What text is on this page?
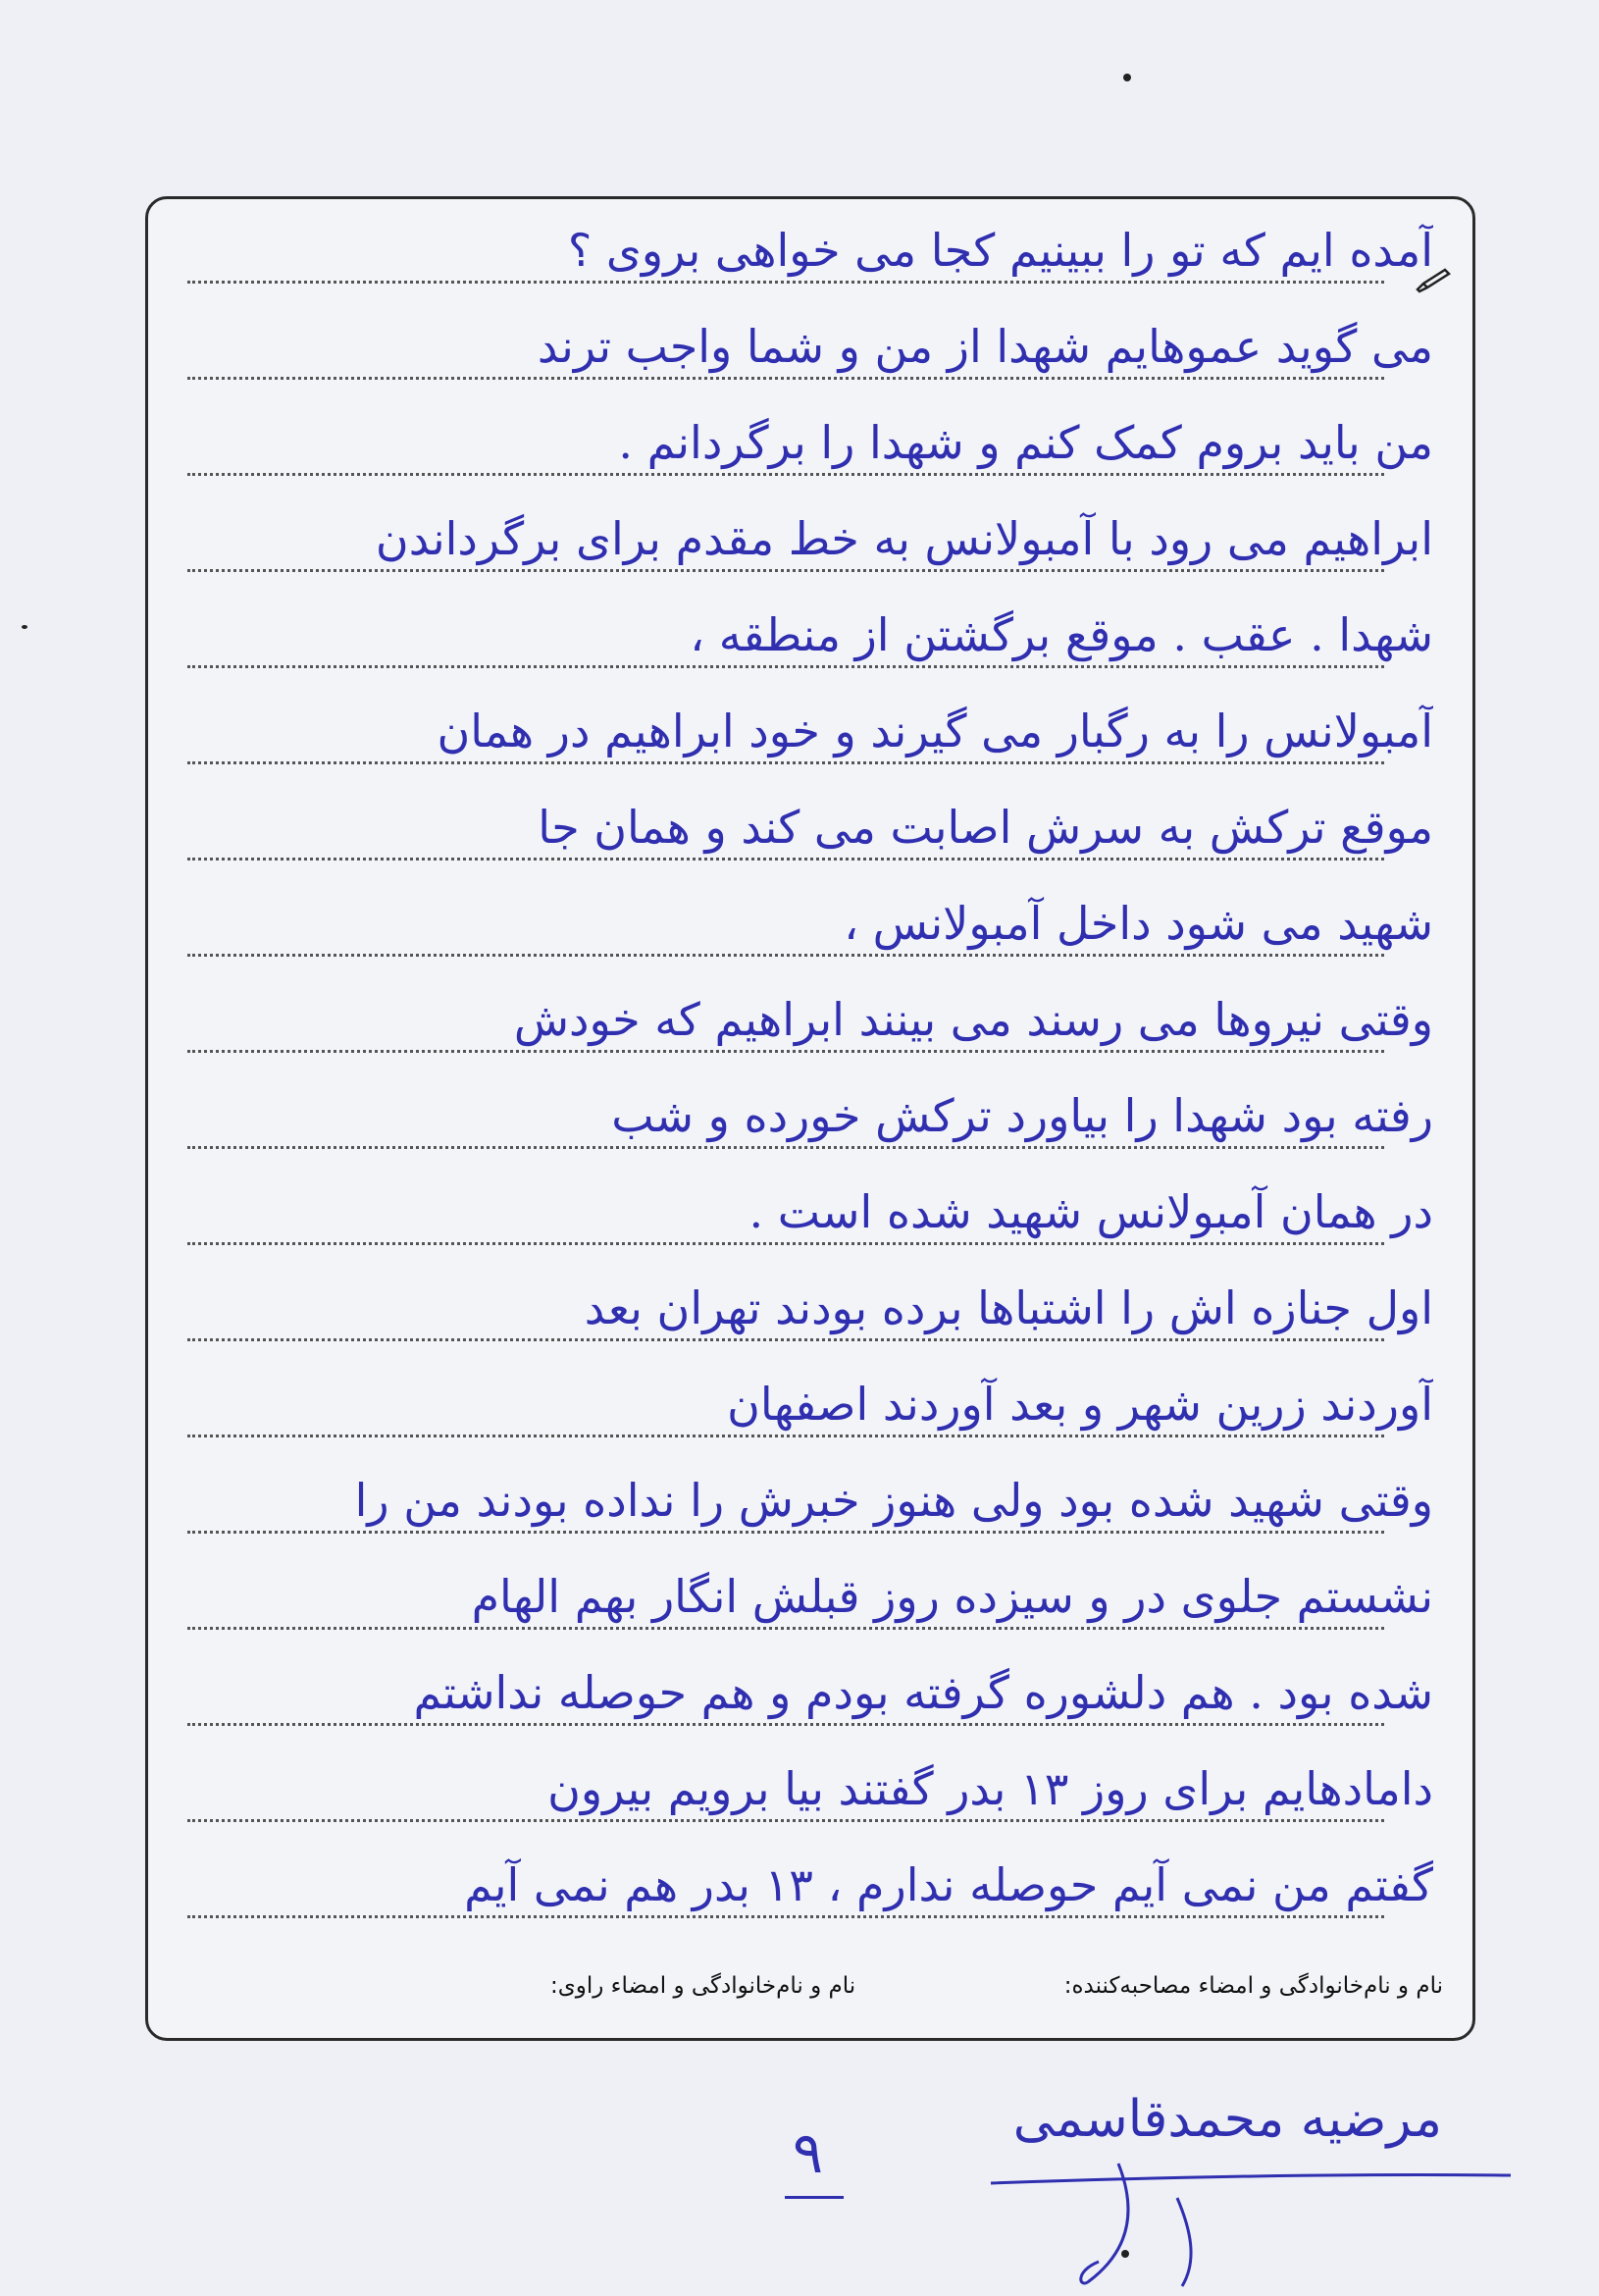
آمده ایم که تو را ببینیم کجا می خواهی بروی ؟
می گوید عموهایم شهدا از من و شما واجب ترند
من باید بروم کمک کنم و شهدا را برگردانم .
ابراهیم می رود با آمبولانس به خط مقدم برای برگرداندن
شهدا . عقب . موقع برگشتن از منطقه ،
آمبولانس را به رگبار می گیرند و خود ابراهیم در همان
موقع ترکش به سرش اصابت می کند و همان جا
شهید می شود داخل آمبولانس ،
وقتی نیروها می رسند می بینند ابراهیم که خودش
رفته بود شهدا را بیاورد ترکش خورده و شب
در همان آمبولانس شهید شده است .
اول جنازه اش را اشتباها برده بودند تهران بعد
آوردند زرین شهر و بعد آوردند اصفهان
وقتی شهید شده بود ولی هنوز خبرش را نداده بودند من را
نشستم جلوی در و سیزده روز قبلش انگار بهم الهام
شده بود . هم دلشوره گرفته بودم و هم حوصله نداشتم
دامادهایم برای روز ۱۳ بدر گفتند بیا برویم بیرون
گفتم من نمی آیم حوصله ندارم ، ۱۳ بدر هم نمی آیم
نام و نام‌خانوادگی و امضاء مصاحبه‌کننده:
نام و نام‌خانوادگی و امضاء راوی:
۹	مرضیه محمدقاسمی
